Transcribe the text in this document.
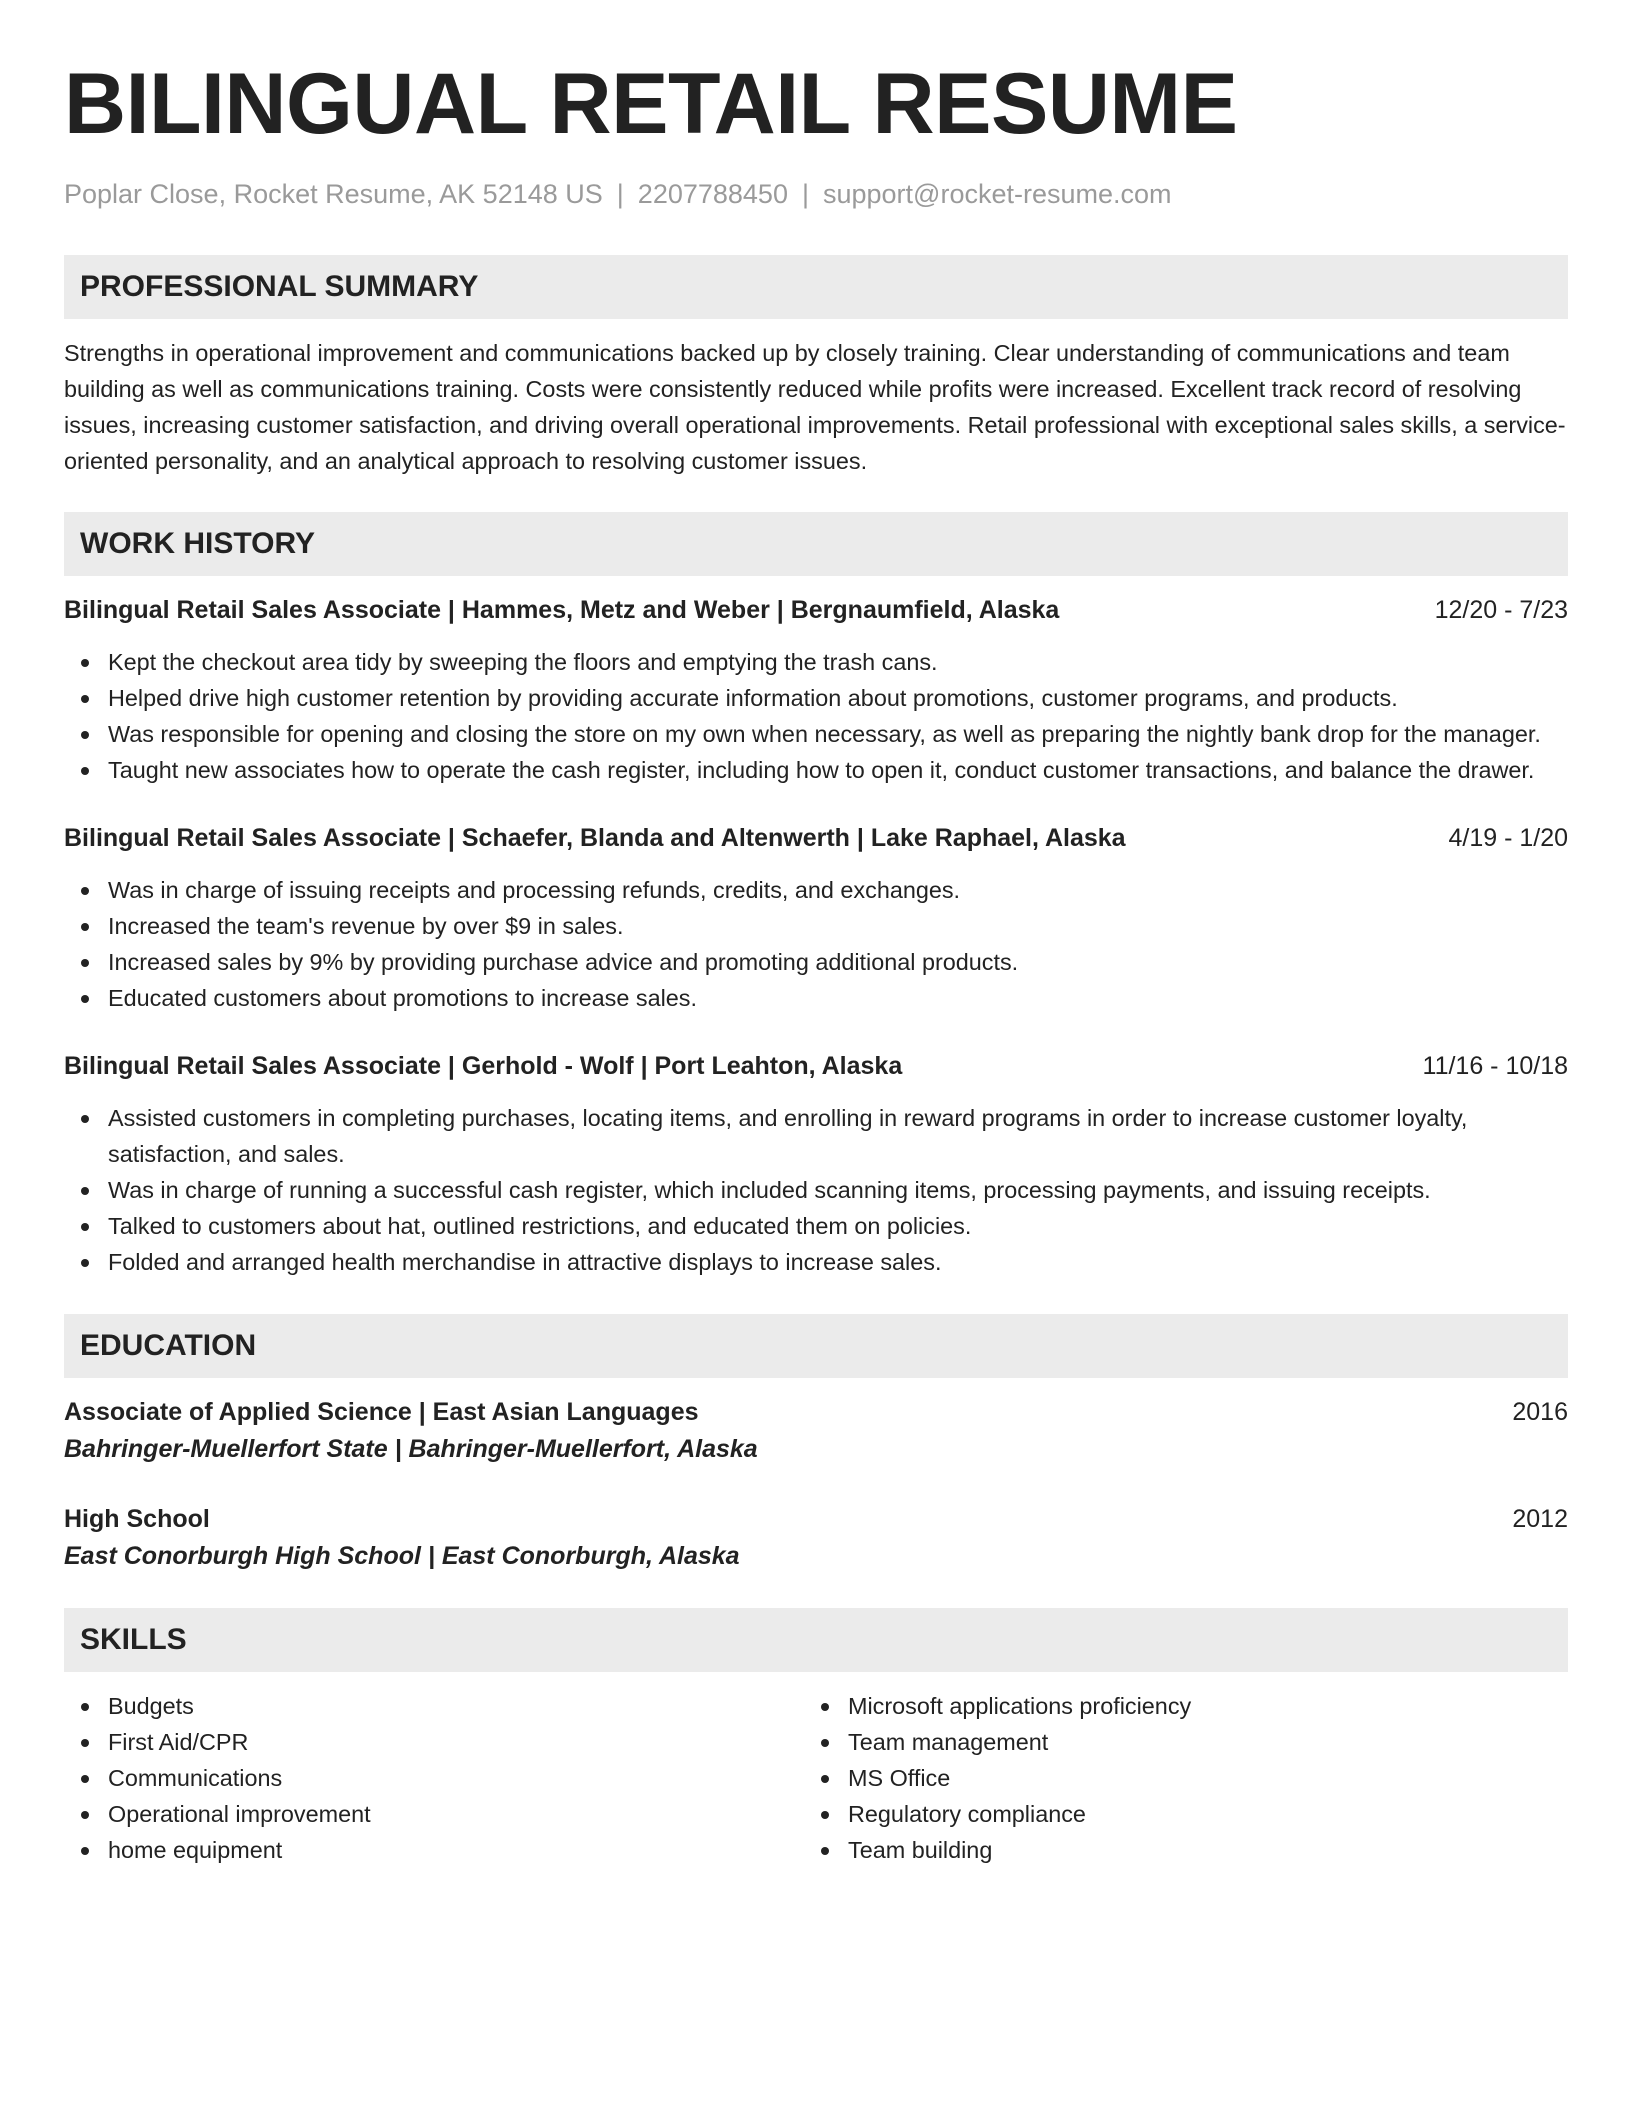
BILINGUAL RETAIL RESUME
Poplar Close, Rocket Resume, AK 52148 US | 2207788450 | support@rocket-resume.com
PROFESSIONAL SUMMARY

Strengths in operational improvement and communications backed up by closely training. Clear understanding of communications and team building as well as communications training. Costs were consistently reduced while profits were increased. Excellent track record of resolving issues, increasing customer satisfaction, and driving overall operational improvements. Retail professional with exceptional sales skills, a service-oriented personality, and an analytical approach to resolving customer issues.

WORK HISTORY
Bilingual Retail Sales Associate | Hammes, Metz and Weber | Bergnaumfield, Alaska	12/20 - 7/23
Kept the checkout area tidy by sweeping the floors and emptying the trash cans.
Helped drive high customer retention by providing accurate information about promotions, customer programs, and products.
Was responsible for opening and closing the store on my own when necessary, as well as preparing the nightly bank drop for the manager.
Taught new associates how to operate the cash register, including how to open it, conduct customer transactions, and balance the drawer.
Bilingual Retail Sales Associate | Schaefer, Blanda and Altenwerth | Lake Raphael, Alaska	4/19 - 1/20
Was in charge of issuing receipts and processing refunds, credits, and exchanges.
Increased the team's revenue by over $9 in sales.
Increased sales by 9% by providing purchase advice and promoting additional products.
Educated customers about promotions to increase sales.
Bilingual Retail Sales Associate | Gerhold - Wolf | Port Leahton, Alaska	11/16 - 10/18
Assisted customers in completing purchases, locating items, and enrolling in reward programs in order to increase customer loyalty, satisfaction, and sales.
Was in charge of running a successful cash register, which included scanning items, processing payments, and issuing receipts.
Talked to customers about hat, outlined restrictions, and educated them on policies.
Folded and arranged health merchandise in attractive displays to increase sales.
EDUCATION
Associate of Applied Science | East Asian Languages	2016
Bahringer-Muellerfort State | Bahringer-Muellerfort, Alaska
High School	2012
East Conorburgh High School | East Conorburgh, Alaska
SKILLS
Budgets
First Aid/CPR
Communications
Operational improvement
home equipment
Microsoft applications proficiency
Team management
MS Office
Regulatory compliance
Team building
